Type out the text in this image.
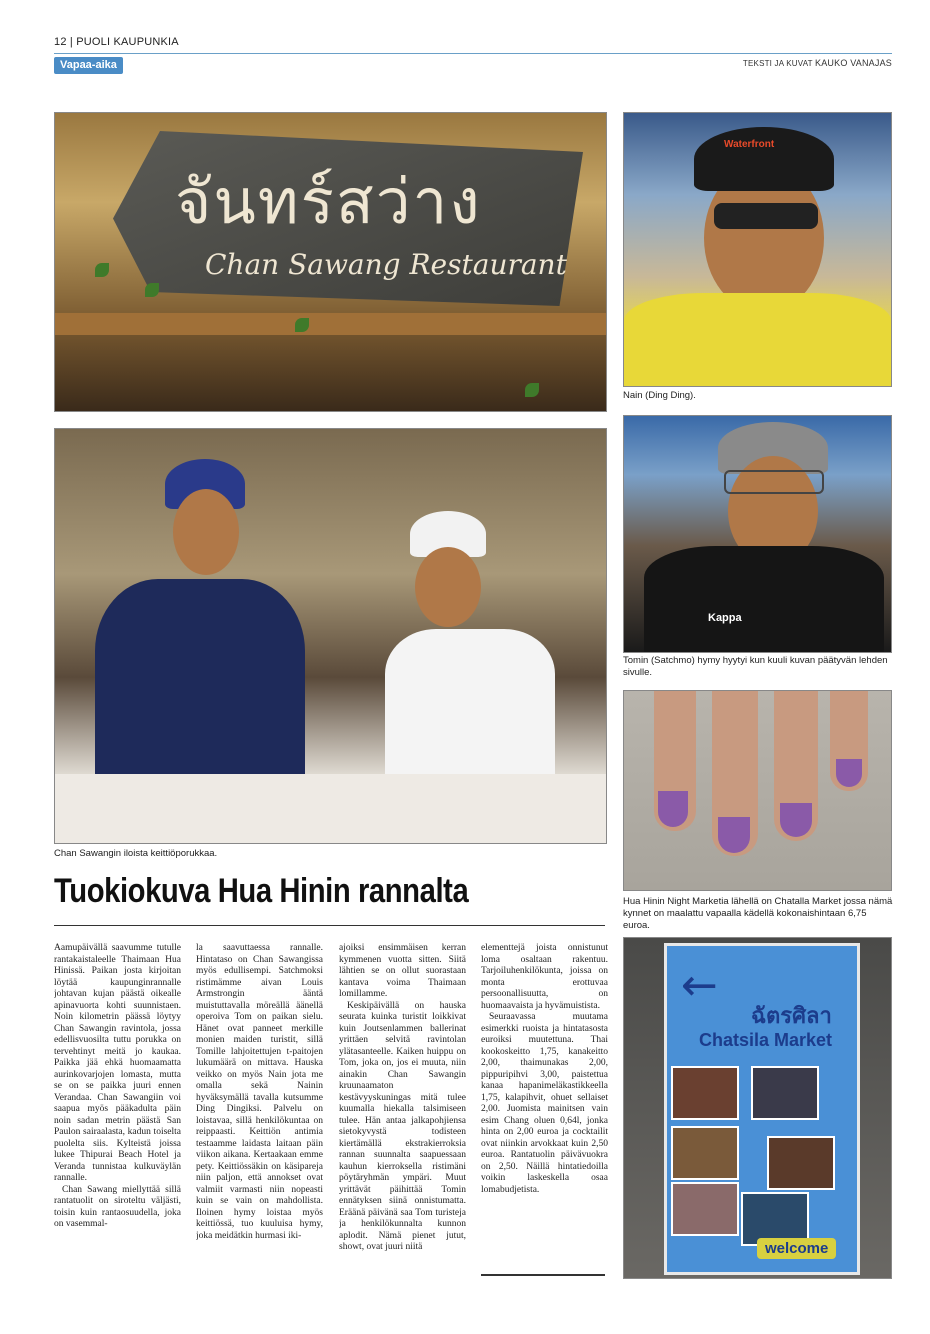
12 | PUOLI KAUPUNKIA
Vapaa-aika	TEKSTI JA KUVAT KAUKO VANAJAS
จันทร์สว่าง
Chan Sawang Restaurant
Waterfront
Nain (Ding Ding).
Chan Sawangin iloista keittiöporukkaa.
Kappa
Tomin (Satchmo) hymy hyytyi kun kuuli kuvan päätyvän lehden sivulle.
Hua Hinin Night Marketia lähellä on Chatalla Market jossa nämä kynnet on maalattu vapaalla kädellä kokonaishintaan 6,75 euroa.
←
ฉัตรศิลา
Chatsila Market
welcome
Tuokiokuva Hua Hinin rannalta

Aamupäivällä saavumme tutulle rantakaistaleelle Thaimaan Hua Hinissä. Paikan josta kirjoitan löytää kaupunginrannalle johtavan kujan päästä oikealle apinavuorta kohti suunnistaen. Noin kilometrin päässä löytyy Chan Sawangin ravintola, jossa edellisvuosilta tuttu porukka on tervehtinyt meitä jo kaukaa. Paikka jää ehkä huomaamatta aurinkovarjojen lomasta, mutta se on se paikka juuri ennen Verandaa. Chan Sawangiin voi saapua myös pääkadulta päin noin sadan metrin päästä San Paulon sairaalasta, kadun toiselta puolelta siis. Kylteistä joissa lukee Thipurai Beach Hotel ja Veranda tunnistaa kulkuväylän rannalle.

Chan Sawang miellyttää sillä rantatuolit on siroteltu väljästi, toisin kuin rantaosuudella, joka on vasemmal-

la saavuttaessa rannalle. Hintataso on Chan Sawangissa myös edullisempi. Satchmoksi ristimämme aivan Louis Armstrongin ääntä muistuttavalla möreällä äänellä operoiva Tom on paikan sielu. Hänet ovat panneet merkille monien maiden turistit, sillä Tomille lahjoitettujen t-paitojen lukumäärä on mittava. Hauska veikko on myös Nain jota me omalla sekä Nainin hyväksymällä tavalla kutsumme Ding Dingiksi. Palvelu on loistavaa, sillä henkilökuntaa on reippaasti. Keittiön antimia testaamme laidasta laitaan päin viikon aikana. Kertaakaan emme pety. Keittiössäkin on käsipareja niin paljon, että annokset ovat valmiit varmasti niin nopeasti kuin se vain on mahdollista. Iloinen hymy loistaa myös keittiössä, tuo kuuluisa hymy, joka meidätkin hurmasi iki-

ajoiksi ensimmäisen kerran kymmenen vuotta sitten. Siitä lähtien se on ollut suorastaan kantava voima Thaimaan lomillamme.

Keskipäivällä on hauska seurata kuinka turistit loikkivat kuin Joutsenlammen ballerinat yrittäen selvitä ravintolan ylätasanteelle. Kaiken huippu on Tom, joka on, jos ei muuta, niin ainakin Chan Sawangin kruunaamaton kestävyyskuningas mitä tulee kuumalla hiekalla talsimiseen tulee. Hän antaa jalkapohjiensa sietokyvystä todisteen kiertämällä ekstrakierroksia rannan suunnalta saapuessaan kauhun kierroksella ristimäni pöytäryhmän ympäri. Muut yrittävät päihittää Tomin ennätyksen siinä onnistumatta. Eräänä päivänä saa Tom turisteja ja henkilökunnalta kunnon aplodit. Nämä pienet jutut, showt, ovat juuri niitä

elementtejä joista onnistunut loma osaltaan rakentuu. Tarjoiluhenkilökunta, joissa on monta erottuvaa persoonallisuutta, on huomaavaista ja hyvämuistista.

Seuraavassa muutama esimerkki ruoista ja hintatasosta euroiksi muutettuna. Thai kookoskeitto 1,75, kanakeitto 2,00, thaimunakas 2,00, pippuripihvi 3,00, paistettua kanaa hapanimeläkastikkeella 1,75, kalapihvit, ohuet sellaiset 2,00. Juomista mainitsen vain esim Chang oluen 0,64l, jonka hinta on 2,00 euroa ja cocktailit ovat niinkin arvokkaat kuin 2,50 euroa. Rantatuolin päivävuokra on 2,50. Näillä hintatiedoilla voikin laskeskella osaa lomabudjetista.
